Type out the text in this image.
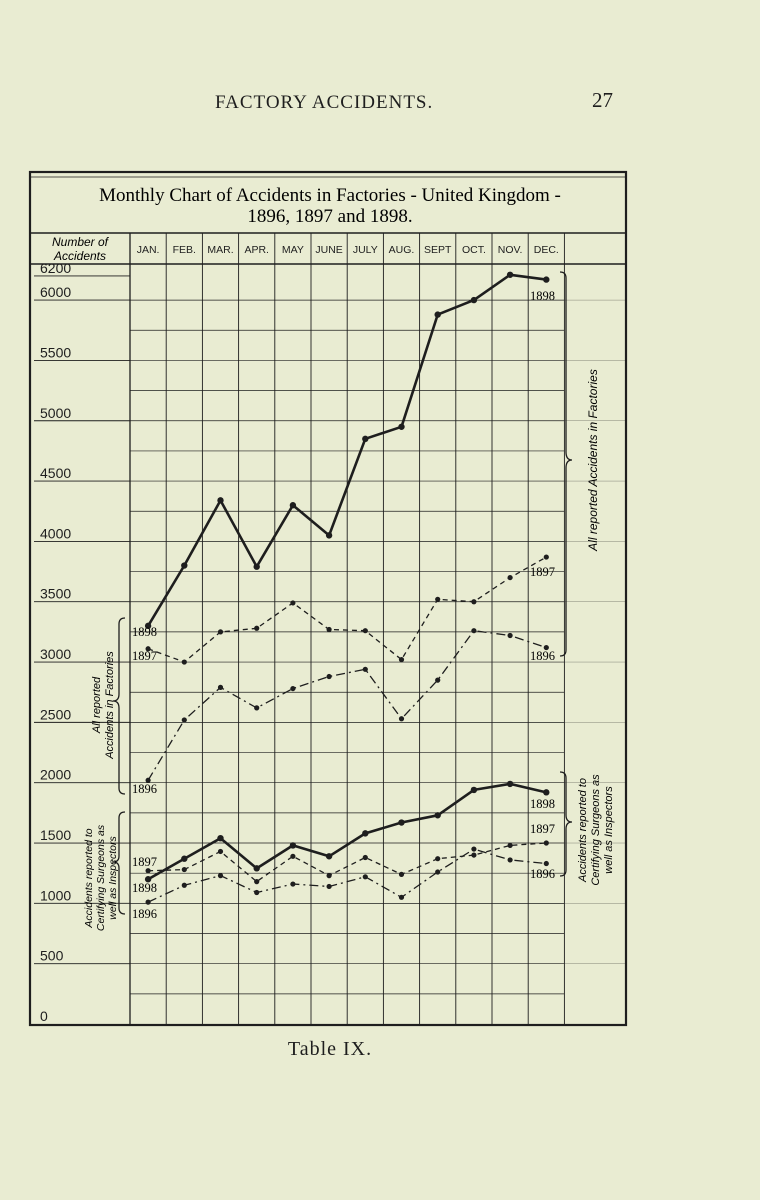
FACTORY ACCIDENTS.	27
Monthly Chart of Accidents in Factories - United Kingdom -
1896, 1897 and 1898.
Number of
Accidents	JAN. FEB. MAR. APR. MAY JUNE JULY AUG. SEPT OCT. NOV. DEC.
6200
6000
5500
5000
4500
4000
3500
3000
2500
2000
1500
1000
500
0
All reported Accidents in Factories
Accidents reported to Certifying Surgeons as well as Inspectors
All reported Accidents in Factories
Accidents reported to Certifying Surgeons as well as Inspectors
1898
1897
1896
1898
1897
1896
1897
1898
1896
1898
1897
1896
Table IX.
